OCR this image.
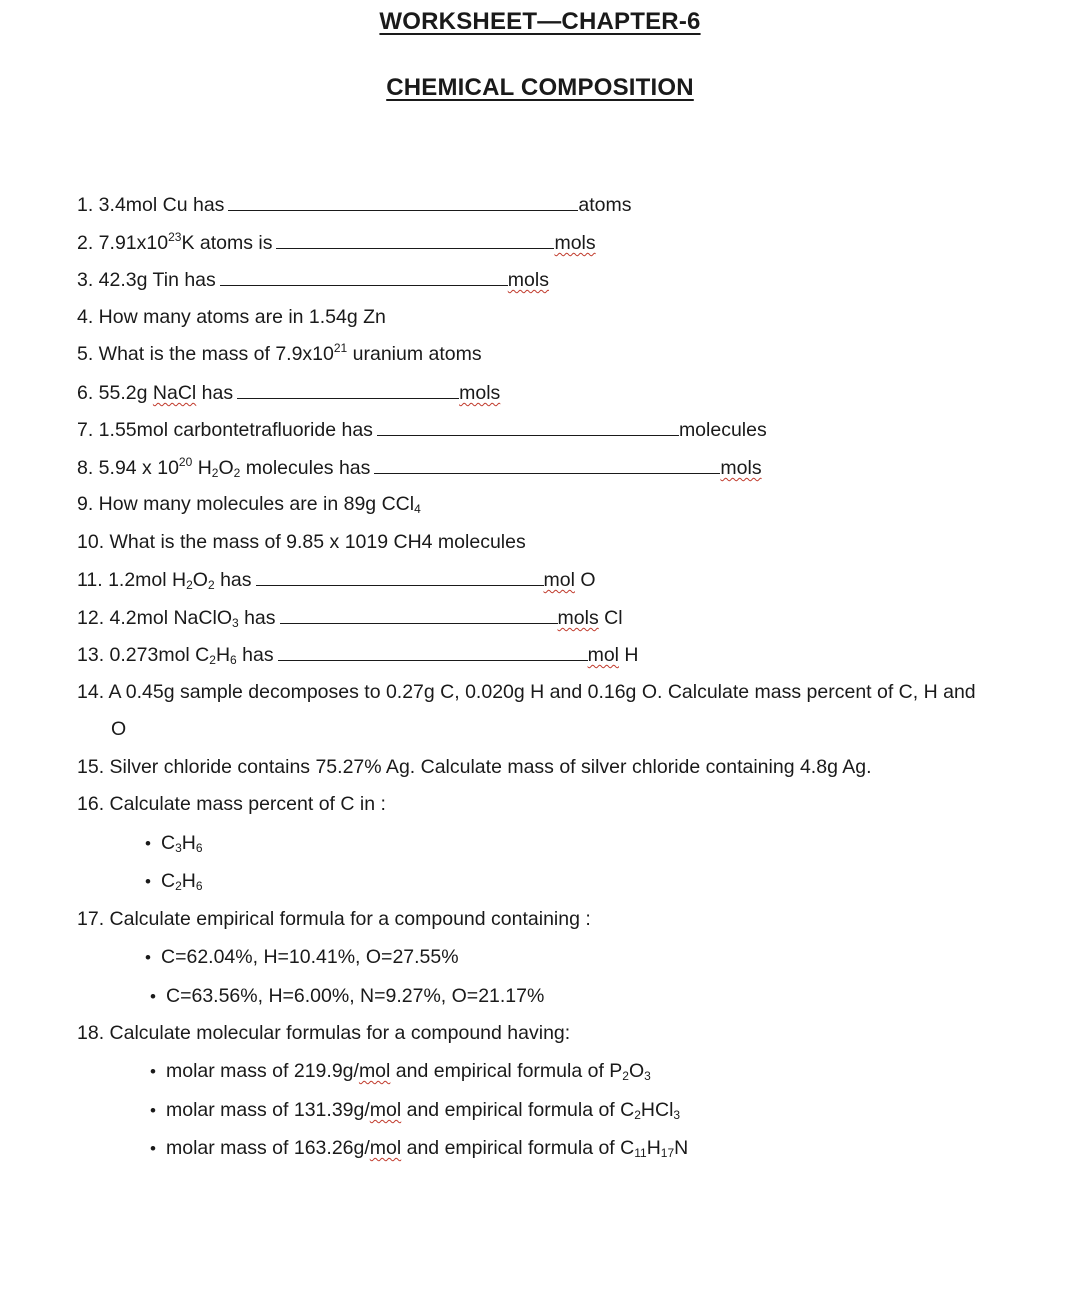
WORKSHEET—CHAPTER-6
CHEMICAL COMPOSITION
1. 3.4mol Cu has	atoms
2. $7.91x10^{23}K$ atoms is	mols
3. 42.3g Tin has	mols
4. How many atoms are in 1.54g Zn
5. What is the mass of $7.9x10^{21}$ uranium atoms
6. 55.2g NaCl has	mols
7. 1.55mol carbontetrafluoride has	molecules
8. 5.94 x $10^{20}$ $H_2O_2$ molecules has	mols
9. How many molecules are in 89g CCl$_4$
10. What is the mass of 9.85 x 1019 CH4 molecules
11. 1.2mol $H_2O_2$ has	mol O
12. 4.2mol NaClO$_3$ has	mols Cl
13. 0.273mol $C_2H_6$ has	mol H
14. A 0.45g sample decomposes to 0.27g C, 0.020g H and 0.16g O. Calculate mass percent of C, H and
O
15. Silver chloride contains 75.27% Ag. Calculate mass of silver chloride containing 4.8g Ag.
16. Calculate mass percent of C in :
• $C_3H_6$
• $C_2H_6$
17. Calculate empirical formula for a compound containing :
• C=62.04%, H=10.41%, O=27.55%
• C=63.56%, H=6.00%, N=9.27%, O=21.17%
18. Calculate molecular formulas for a compound having:
• molar mass of 219.9g/mol and empirical formula of $P_2O_3$
• molar mass of 131.39g/mol and empirical formula of $C_2HCl_3$
• molar mass of 163.26g/mol and empirical formula of $C_{11}H_{17}N$
